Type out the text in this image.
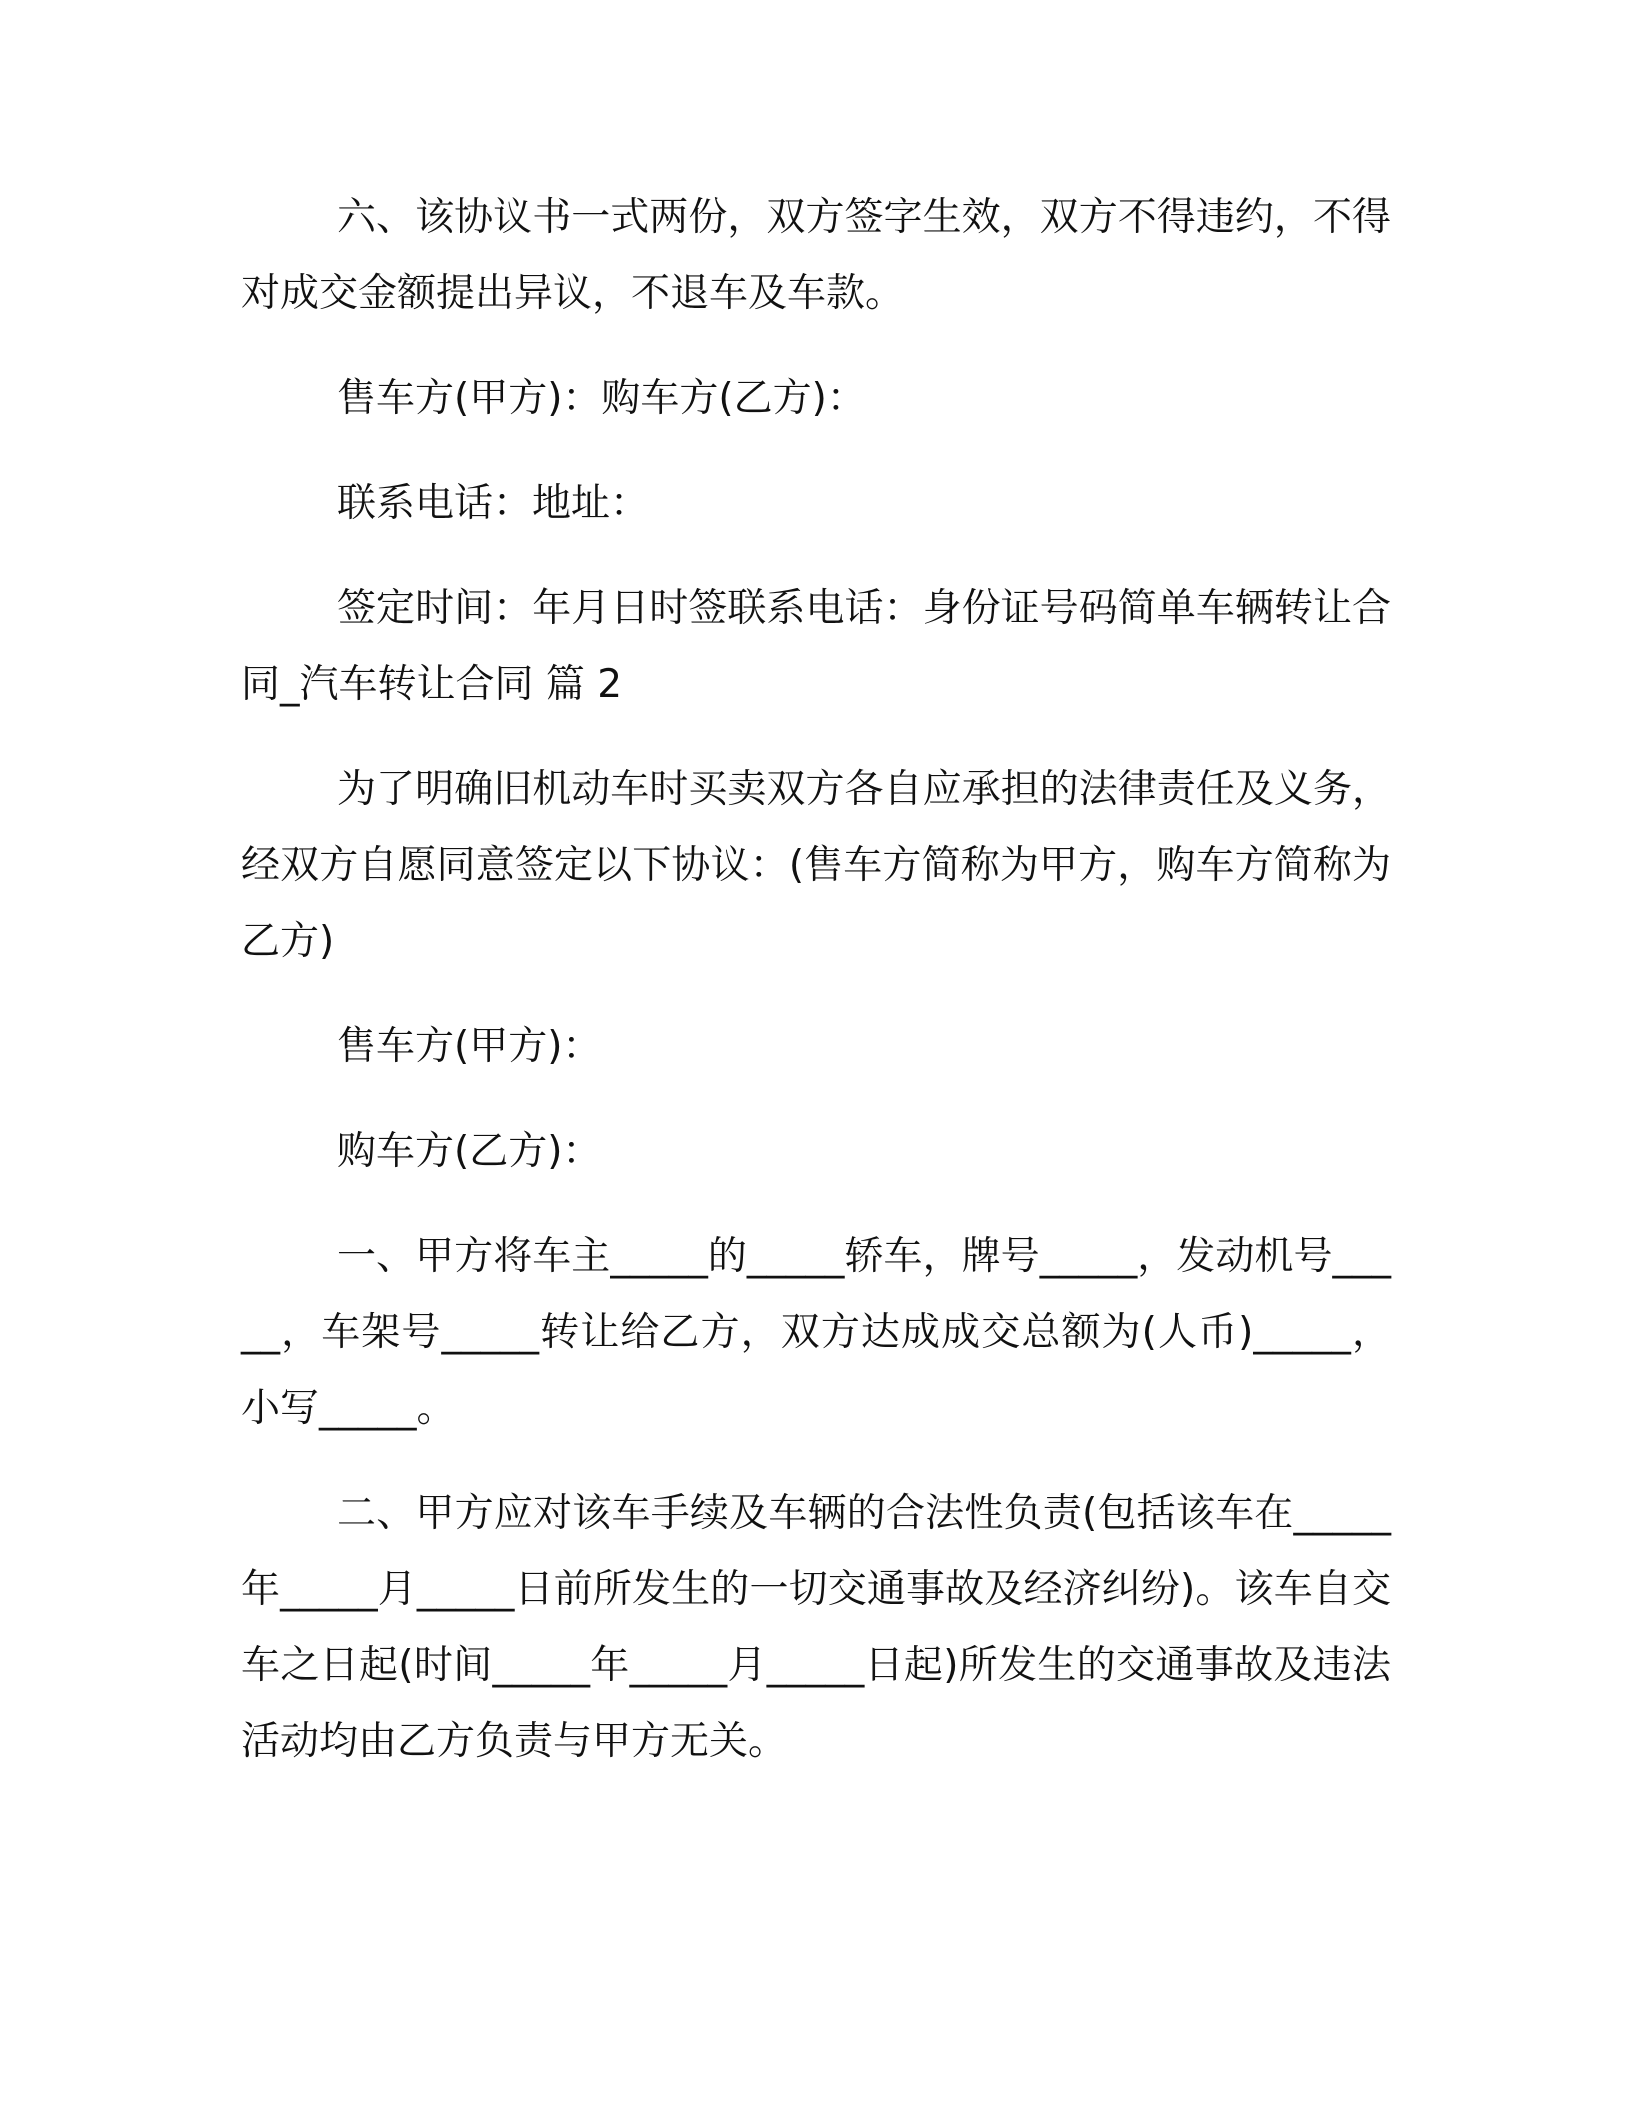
六、该协议书一式两份，双方签字生效，双方不得违约，不得对成交金额提出异议，不退车及车款。

售车方(甲方)：购车方(乙方)：

联系电话：地址：

签定时间：年月日时签联系电话：身份证号码简单车辆转让合同_汽车转让合同 篇 2

为了明确旧机动车时买卖双方各自应承担的法律责任及义务，经双方自愿同意签定以下协议：(售车方简称为甲方，购车方简称为乙方)

售车方(甲方)：

购车方(乙方)：

一、甲方将车主_____的_____轿车，牌号_____，发动机号_____，车架号_____转让给乙方，双方达成成交总额为(人币)_____，小写_____。

二、甲方应对该车手续及车辆的合法性负责(包括该车在_____年_____月_____日前所发生的一切交通事故及经济纠纷)。该车自交车之日起(时间_____年_____月_____日起)所发生的交通事故及违法活动均由乙方负责与甲方无关。
